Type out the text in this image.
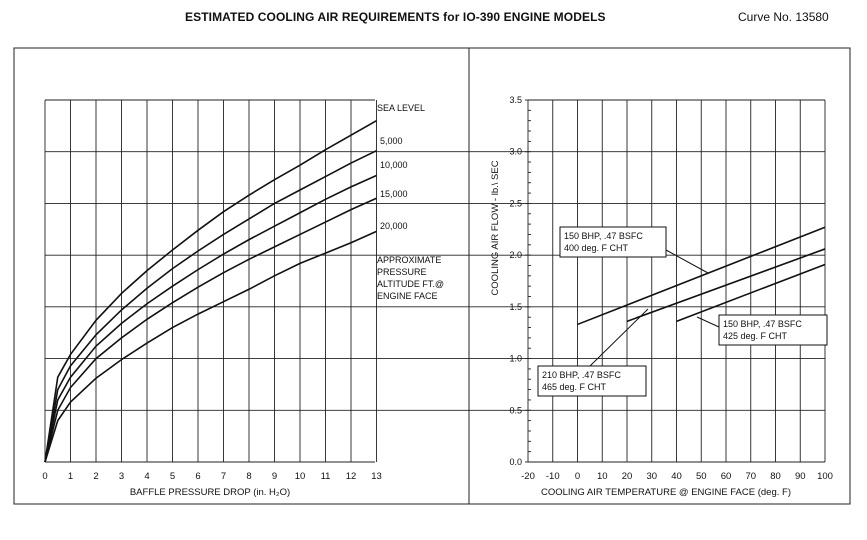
ESTIMATED COOLING AIR REQUIREMENTS for IO-390 ENGINE MODELS	Curve No. 13580
0 1 2 3 4 5 6 7 8 9 10 11 12 13
SEA LEVEL
5,000
10,000
15,000
20,000
0.0
0.5
1.0
1.5
2.0
2.5
3.0
3.5
-20 -10 0 10 20 30 40 50 60 70 80 90 100
BAFFLE PRESSURE DROP (in. H₂O)	COOLING AIR TEMPERATURE @ ENGINE FACE (deg. F)
COOLING AIR FLOW - lb.\ SEC
APPROXIMATE
PRESSURE
ALTITUDE FT.@
ENGINE FACE
150 BHP, .47 BSFC
400 deg. F CHT
210 BHP, .47 BSFC
465 deg. F CHT
150 BHP, .47 BSFC
425 deg. F CHT
